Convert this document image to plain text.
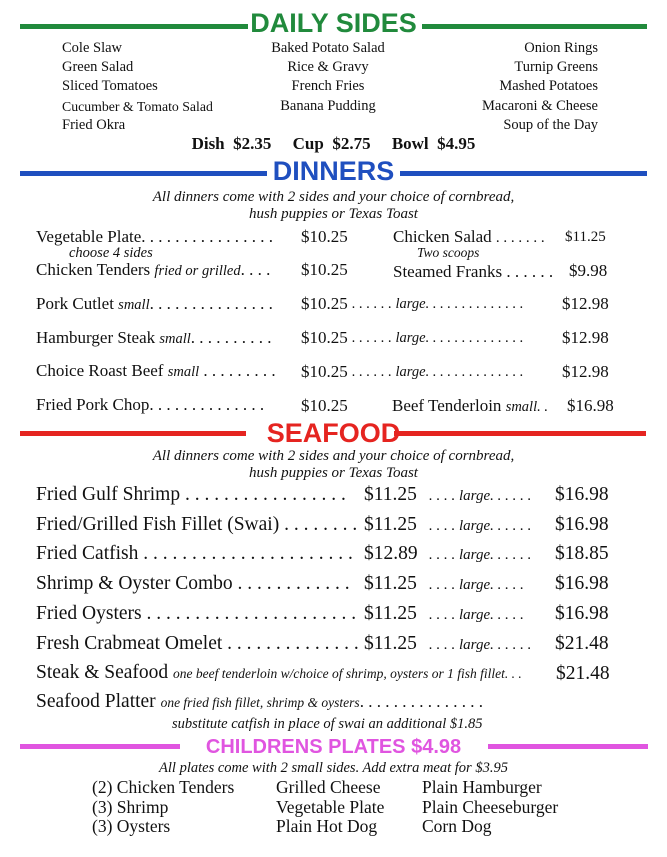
DAILY SIDES
Cole Slaw
Green Salad
Sliced Tomatoes
Cucumber & Tomato Salad
Fried Okra
Baked Potato Salad
Rice & Gravy
French Fries
Banana Pudding
Onion Rings
Turnip Greens
Mashed Potatoes
Macaroni & Cheese
Soup of the Day
Dish  $2.35     Cup  $2.75     Bowl  $4.95
DINNERS
All dinners come with 2 sides and your choice of cornbread,
hush puppies or Texas Toast
Vegetable Plate. . . . . . . . . . . . . . . . $10.25
choose 4 sides
Chicken Salad . . . . . . . $11.25
Two scoops
Chicken Tenders fried or grilled. . . . $10.25	Steamed Franks . . . . . . $9.98
Pork Cutlet small. . . . . . . . . . . . . . . $10.25 . . . . . . large. . . . . . . . . . . . . . $12.98
Hamburger Steak small. . . . . . . . . . $10.25 . . . . . . large. . . . . . . . . . . . . . $12.98
Choice Roast Beef small . . . . . . . . . $10.25 . . . . . . large. . . . . . . . . . . . . . $12.98
Fried Pork Chop. . . . . . . . . . . . . . $10.25	Beef Tenderloin small. . $16.98
SEAFOOD
All dinners come with 2 sides and your choice of cornbread,
hush puppies or Texas Toast
Fried Gulf Shrimp . . . . . . . . . . . . . . . . . $11.25 . . . . large. . . . . . $16.98
Fried/Grilled Fish Fillet (Swai) . . . . . . . . $11.25 . . . . large. . . . . . $16.98
Fried Catfish . . . . . . . . . . . . . . . . . . . . . . $12.89 . . . . large. . . . . . $18.85
Shrimp & Oyster Combo . . . . . . . . . . . . $11.25 . . . . large. . . . . $16.98
Fried Oysters . . . . . . . . . . . . . . . . . . . . . . $11.25 . . . . large. . . . . $16.98
Fresh Crabmeat Omelet . . . . . . . . . . . . . . $11.25 . . . . large. . . . . . $21.48
Steak & Seafood one beef tenderloin w/choice of shrimp, oysters or 1 fish fillet. . . $21.48
Seafood Platter one fried fish fillet, shrimp & oysters. . . . . . . . . . . . . . .
substitute catfish in place of swai an additional $1.85
CHILDRENS PLATES $4.98
All plates come with 2 small sides. Add extra meat for $3.95
(2) Chicken Tenders
(3) Shrimp
(3) Oysters
Grilled Cheese
Vegetable Plate
Plain Hot Dog
Plain Hamburger
Plain Cheeseburger
Corn Dog
